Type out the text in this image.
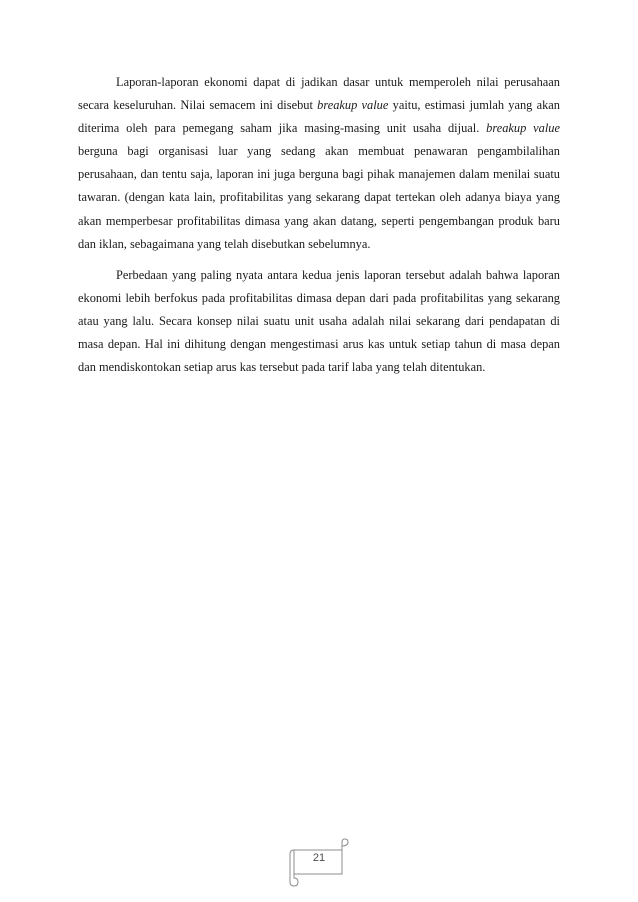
Laporan-laporan ekonomi dapat di jadikan dasar untuk memperoleh nilai perusahaan secara keseluruhan. Nilai semacem ini disebut breakup value yaitu, estimasi jumlah yang akan diterima oleh para pemegang saham jika masing-masing unit usaha dijual. breakup value berguna bagi organisasi luar yang sedang akan membuat penawaran pengambilalihan perusahaan, dan tentu saja, laporan ini juga berguna bagi pihak manajemen dalam menilai suatu tawaran. (dengan kata lain, profitabilitas yang sekarang dapat tertekan oleh adanya biaya yang akan memperbesar profitabilitas dimasa yang akan datang, seperti pengembangan produk baru dan iklan, sebagaimana yang telah disebutkan sebelumnya.

Perbedaan yang paling nyata antara kedua jenis laporan tersebut adalah bahwa laporan ekonomi lebih berfokus pada profitabilitas dimasa depan dari pada profitabilitas yang sekarang atau yang lalu. Secara konsep nilai suatu unit usaha adalah nilai sekarang dari pendapatan di masa depan. Hal ini dihitung dengan mengestimasi arus kas untuk setiap tahun di masa depan dan mendiskontokan setiap arus kas tersebut pada tarif laba yang telah ditentukan.

21
